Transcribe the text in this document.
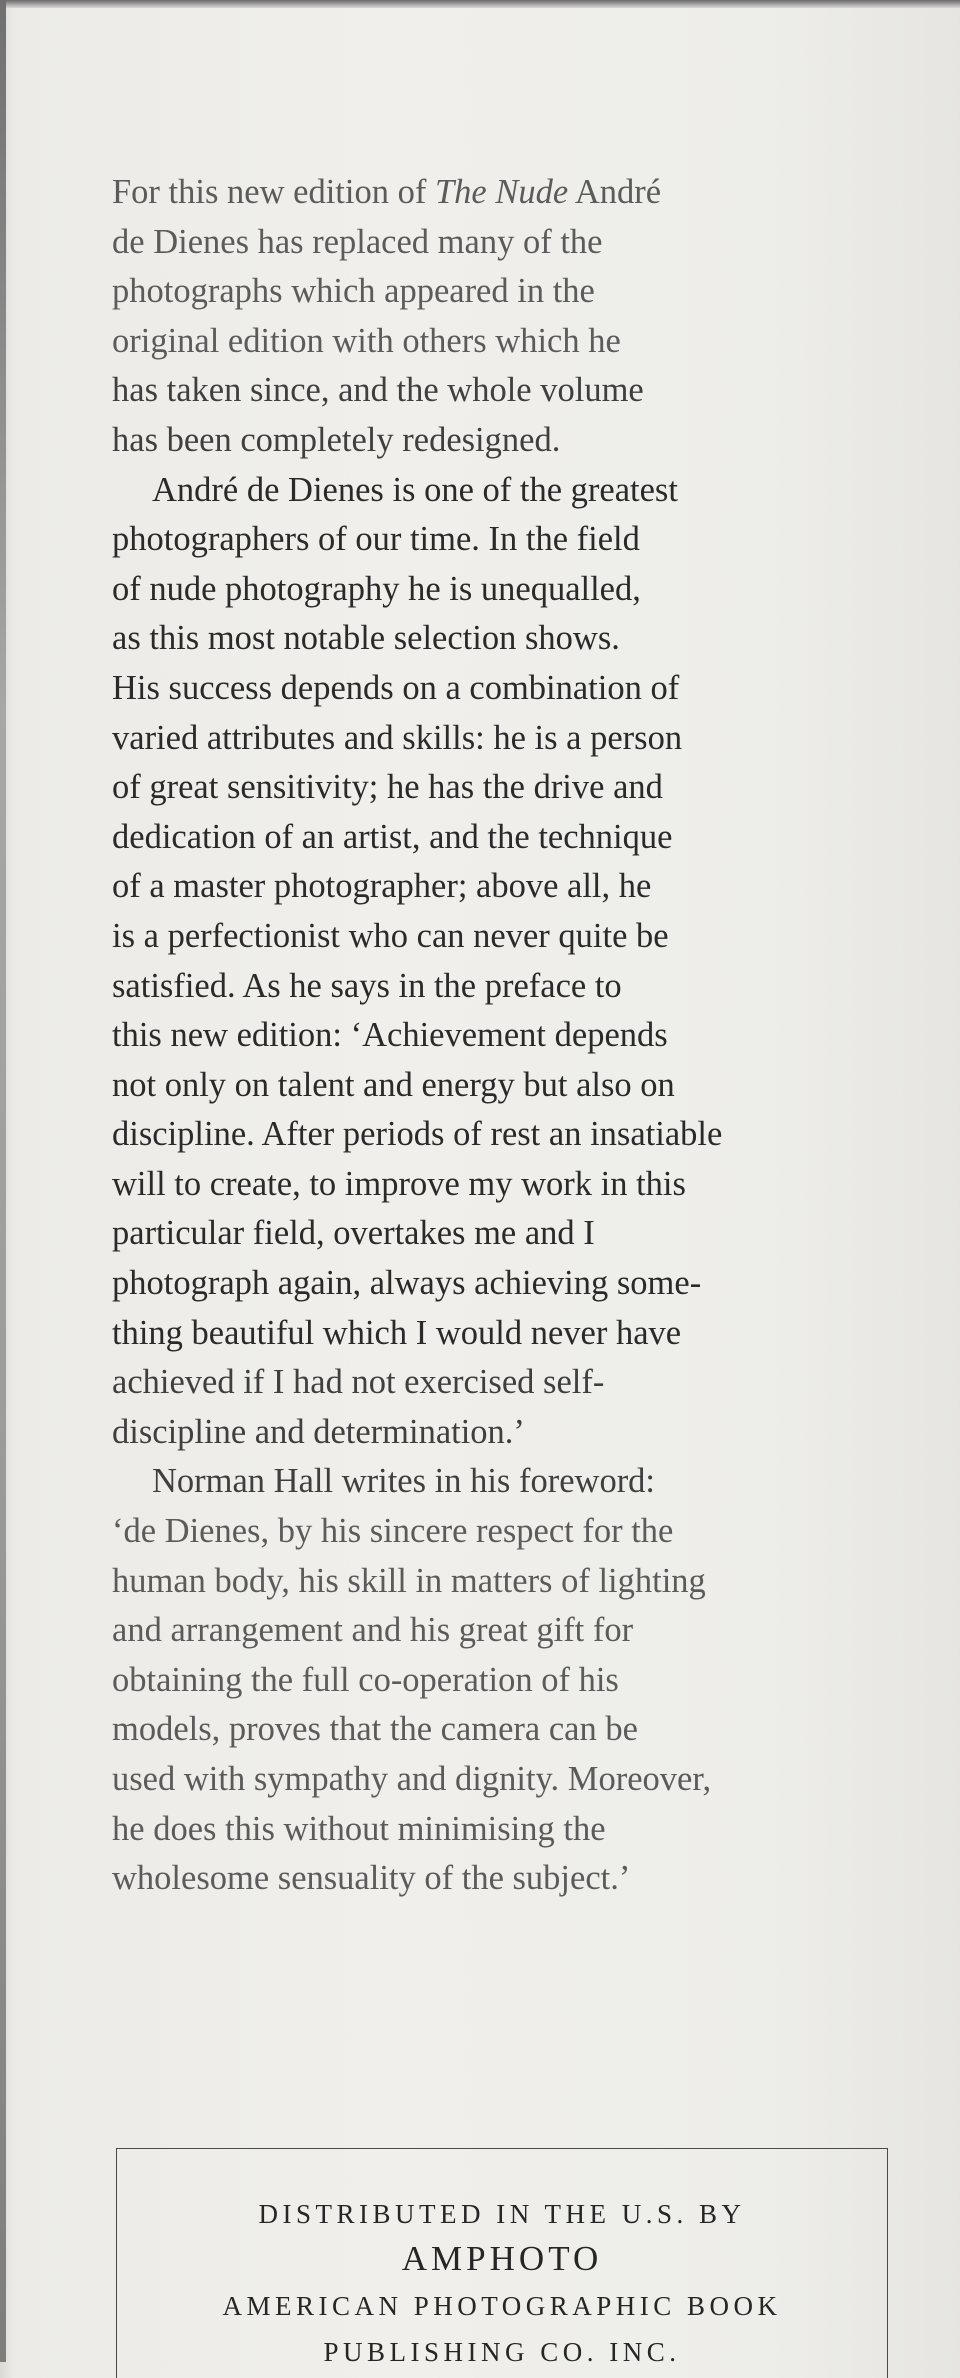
For this new edition of The Nude André
de Dienes has replaced many of the
photographs which appeared in the
original edition with others which he
has taken since, and the whole volume
has been completely redesigned.
André de Dienes is one of the greatest
photographers of our time. In the field
of nude photography he is unequalled,
as this most notable selection shows.
His success depends on a combination of
varied attributes and skills: he is a person
of great sensitivity; he has the drive and
dedication of an artist, and the technique
of a master photographer; above all, he
is a perfectionist who can never quite be
satisfied. As he says in the preface to
this new edition: ‘Achievement depends
not only on talent and energy but also on
discipline. After periods of rest an insatiable
will to create, to improve my work in this
particular field, overtakes me and I
photograph again, always achieving some-
thing beautiful which I would never have
achieved if I had not exercised self-
discipline and determination.’
Norman Hall writes in his foreword:
‘de Dienes, by his sincere respect for the
human body, his skill in matters of lighting
and arrangement and his great gift for
obtaining the full co-operation of his
models, proves that the camera can be
used with sympathy and dignity. Moreover,
he does this without minimising the
wholesome sensuality of the subject.’
DISTRIBUTED IN THE U.S. BY
AMPHOTO
AMERICAN PHOTOGRAPHIC BOOK
PUBLISHING CO. INC.
